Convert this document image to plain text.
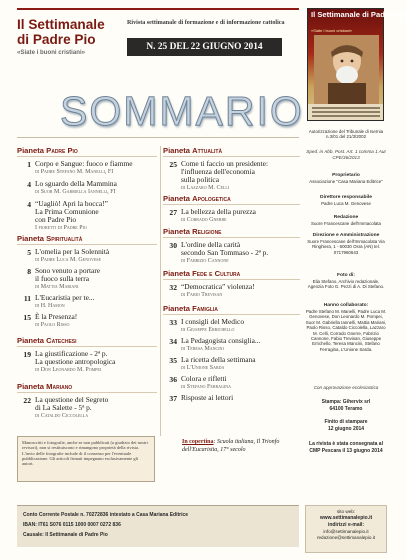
Il Settimanale
di Padre Pio
«Siate i buoni cristiani»
Rivista settimanale di formazione e di informazione cattolica
N. 25 DEL 22 GIUGNO 2014
Il Settimanale di Padre Pio
«Siate i buoni cristiani»
SOMMARIO
Pianeta Padre Pio
1 Corpo e Sangue: fuoco e fiamme
di Padre Stefano M. Manelli, FI
4 Lo sguardo della Mammina
di Suor M. Gabriella Iannelli, FI
4 “Uagliò! Apri la bocca!”
La Prima Comunione
con Padre Pio
I fioretti di Padre Pio
Pianeta Spiritualità
5 L'omelia per la Solennità
di Padre Luca M. Genovese
8 Sono venuto a portare
il fuoco sulla terra
di Mattia Mariani
11 L'Eucaristia per te...
di H. Hamon
15 È la Presenza!
di Paolo Risso
Pianeta Catechesi
19 La giustificazione - 2ª p.
La questione antropologica
di Don Leonardo M. Pompei
Pianeta Mariano
22 La questione del Segreto
di La Salette - 5ª p.
di Cataldo Ciccolella
Pianeta Attualità
25 Come ti faccio un presidente:
l'influenza dell'economia
sulla politica
di Lazzaro M. Celli
Pianeta Apologetica
27 La bellezza della purezza
di Corrado Gnerre
Pianeta Religione
30 L'ordine della carità
secondo San Tommaso - 2ª p.
di Fabrizio Cannone
Pianeta Fede e Cultura
32 “Democratica” violenza!
di Fabio Trevisan
Pianeta Famiglia
33 I consigli del Medico
di Giuseppe Errichello
34 La Pedagogista consiglia...
di Teresa Mancini
35 La ricetta della settimana
di L'Unione Sarda
36 Colora e rifletti
di Stefano Ferragina
37 Risposte ai lettori
Manoscritti e fotografie, anche se non pubblicati (a giudizio dei nostri revisori), non si restituiscono e rimangono proprietà della rivista. L'invio delle fotografie include di il consenso per l'eventuale pubblicazione. Gli articoli firmati impegnano esclusivamente gli autori.
In copertina: Scuola italiana, Il Trionfo
dell'Eucaristia, 17° secolo
Conto Corrente Postale n. 70272836 intestato a Casa Mariana Editrice
IBAN: IT61 S076 0115 1000 0007 0272 836
Causale: Il Settimanale di Padre Pio
Autorizzazione del Tribunale di Isernia n.3/01 del 21/3/2002
Sped. in Abb. Post. Art. 1 comma 1 Aut CPE/36/2013
Proprietario
Associazione "Casa Mariana Editrice"
Direttore responsabile
Padre Luca M. Genovese
Redazione
Suore Francescane dell'Immacolata
Direzione e Amministrazione
Suore Francescane dell'Immacolata Via Ringhiera, 1 - 60030 Osra (AN) tel. 0717960643
Foto di:
Elia Stefano, Archivio redazionale, Agenzia Foto G. Pezzi di A. Di Stefano.
Hanno collaborato:
Padre Stefano M. Manelli, Padre Luca M. Genovese, Don Leonardo M. Pompei, Suor M. Gabriella Iannelli, Mattia Mariani, Paolo Risso, Cataldo Ciccolella, Lazzaro M. Celli, Corrado Gnerre, Fabrizio Cannone, Fabio Trevisan, Giuseppe Errichello, Teresa Mancini, Stefano Ferragina, L'Unione Sarda.
Con approvazione ecclesiastica
Stampa: Gihervix srl
64100 Teramo
Finito di stampare
12 giugno 2014
La rivista è stata consegnata al CMP Pescara il 13 giugno 2014
sito web:
www.settimanalepio.it
indirizzi e-mail:
info@settimanalepio.it
redazione@settimanalepio.it
